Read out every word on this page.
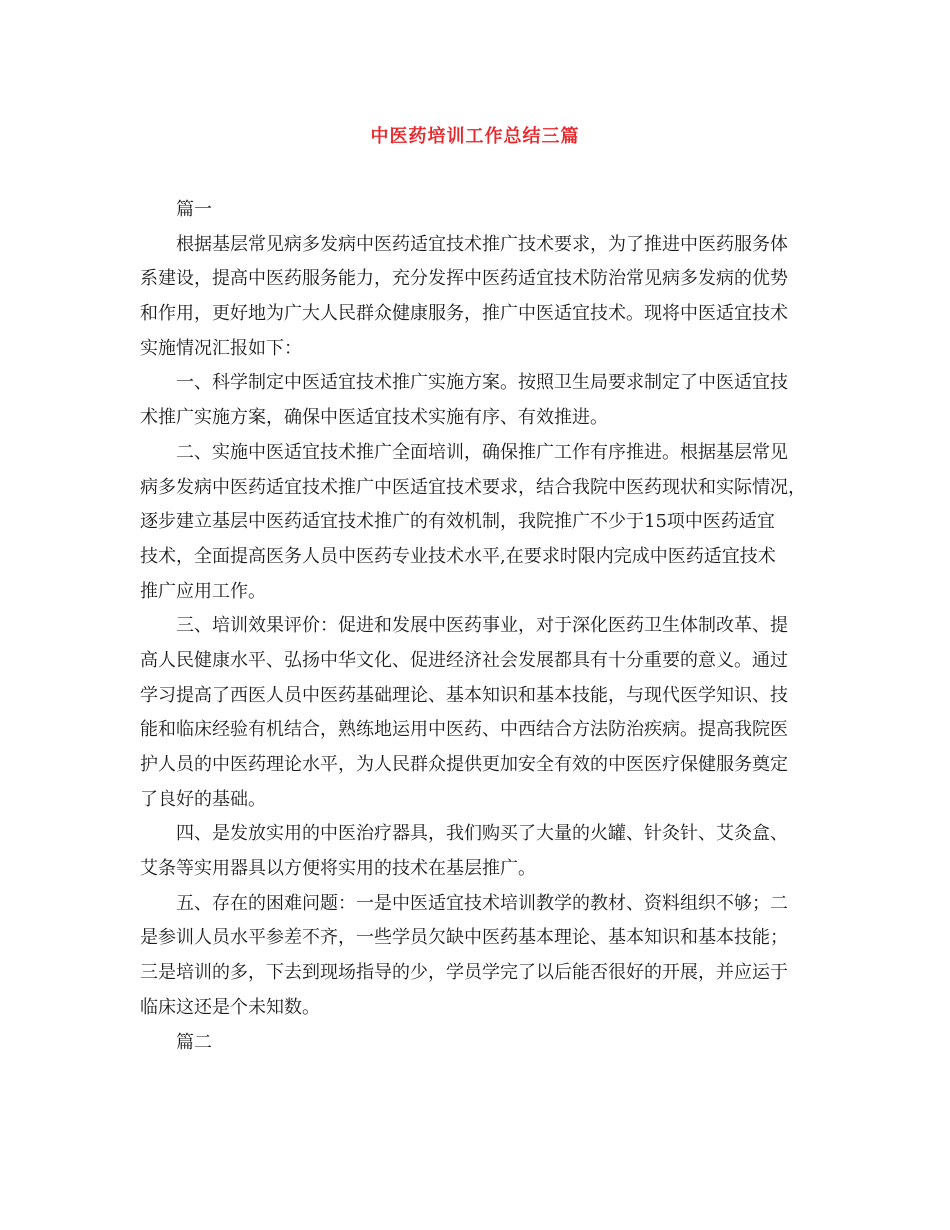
中医药培训工作总结三篇
篇一
根据基层常见病多发病中医药适宜技术推广技术要求，为了推进中医药服务体
系建设，提高中医药服务能力，充分发挥中医药适宜技术防治常见病多发病的优势
和作用，更好地为广大人民群众健康服务，推广中医适宜技术。现将中医适宜技术
实施情况汇报如下：
一、科学制定中医适宜技术推广实施方案。按照卫生局要求制定了中医适宜技
术推广实施方案，确保中医适宜技术实施有序、有效推进。
二、实施中医适宜技术推广全面培训，确保推广工作有序推进。根据基层常见
病多发病中医药适宜技术推广中医适宜技术要求，结合我院中医药现状和实际情况，
逐步建立基层中医药适宜技术推广的有效机制，我院推广不少于15项中医药适宜
技术，全面提高医务人员中医药专业技术水平,在要求时限内完成中医药适宜技术
推广应用工作。
三、培训效果评价：促进和发展中医药事业，对于深化医药卫生体制改革、提
高人民健康水平、弘扬中华文化、促进经济社会发展都具有十分重要的意义。通过
学习提高了西医人员中医药基础理论、基本知识和基本技能，与现代医学知识、技
能和临床经验有机结合，熟练地运用中医药、中西结合方法防治疾病。提高我院医
护人员的中医药理论水平，为人民群众提供更加安全有效的中医医疗保健服务奠定
了良好的基础。
四、是发放实用的中医治疗器具，我们购买了大量的火罐、针灸针、艾灸盒、
艾条等实用器具以方便将实用的技术在基层推广。
五、存在的困难问题：一是中医适宜技术培训教学的教材、资料组织不够；二
是参训人员水平参差不齐，一些学员欠缺中医药基本理论、基本知识和基本技能；
三是培训的多，下去到现场指导的少，学员学完了以后能否很好的开展，并应运于
临床这还是个未知数。
篇二
